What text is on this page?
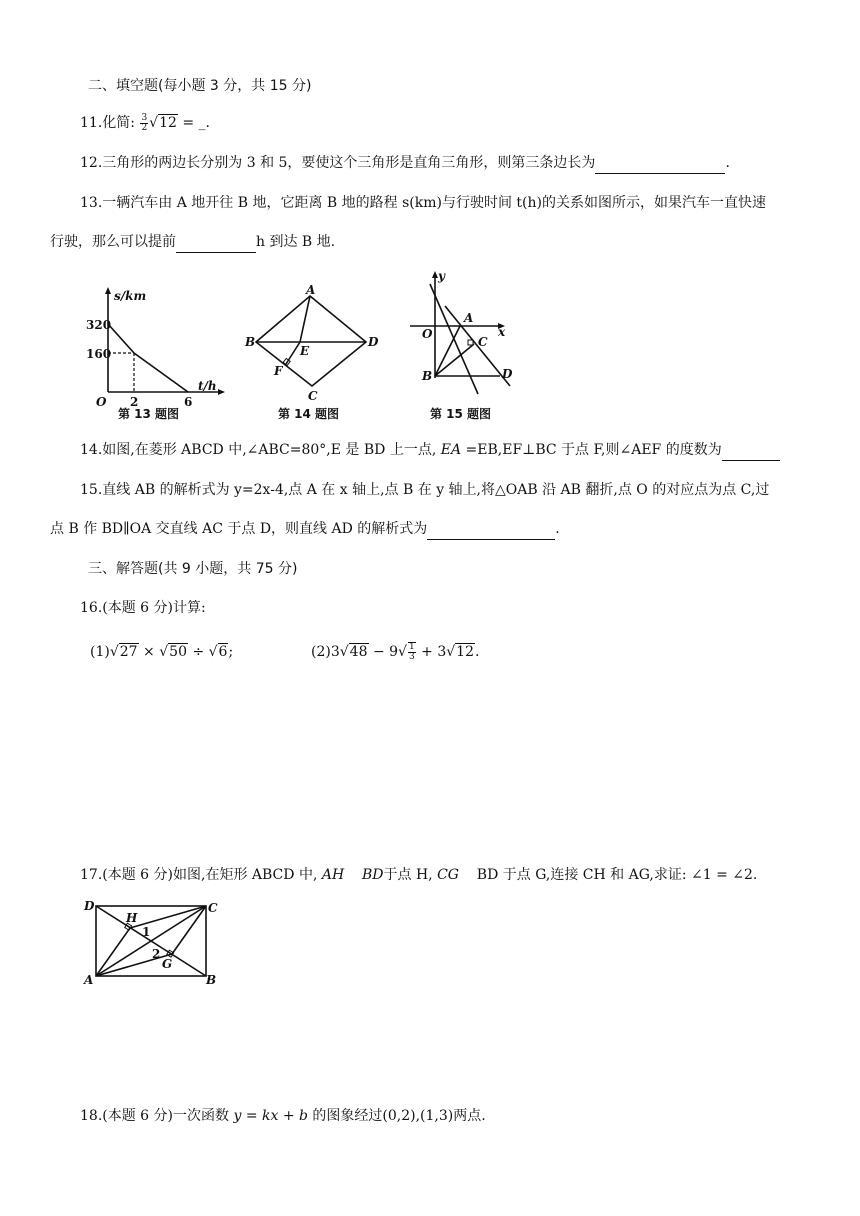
二、填空题(每小题 3 分，共 15 分)
11.化简: $\frac{3}{2} √12$ = _.
12.三角形的两边长分别为 3 和 5，要使这个三角形是直角三角形，则第三条边长为	.
13.一辆汽车由 A 地开往 B 地，它距离 B 地的路程 s(km)与行驶时间 t(h)的关系如图所示，如果汽车一直快速
行驶，那么可以提前	h 到达 B 地.
s/km
t/h
320
160
O 2	6
第 13 题图
A
B
C
D
E
F
第 14 题图
y
x
O
A
B
C
D
第 15 题图
14.如图,在菱形 ABCD 中,∠ABC=80°,E 是 BD 上一点, EA =EB,EF⊥BC 于点 F,则∠AEF 的度数为
15.直线 AB 的解析式为 y=2x-4,点 A 在 x 轴上,点 B 在 y 轴上,将△OAB 沿 AB 翻折,点 O 的对应点为点 C,过
点 B 作 BD∥OA 交直线 AC 于点 D，则直线 AD 的解析式为	.
三、解答题(共 9 小题，共 75 分)
16.(本题 6 分)计算:
(1)√27 × √50 ÷ √6;	$(2)3√48 - 9√ \frac{1}{3} + 3√12$.
17.(本题 6 分)如图,在矩形 ABCD 中, AH BD于点 H, CG BD 于点 G,连接 CH 和 AG,求证: ∠1 = ∠2.
D	C
A	B
H
G
1
2
18.(本题 6 分)一次函数 y = kx + b 的图象经过(0,2),(1,3)两点.
